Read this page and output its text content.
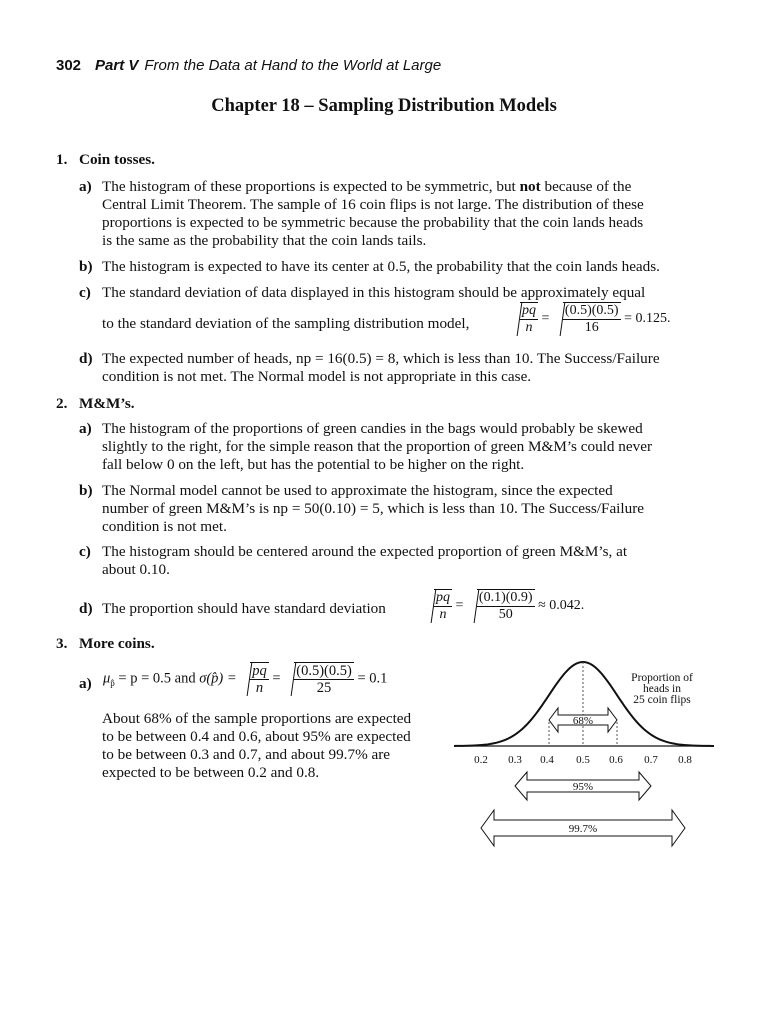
302 Part V From the Data at Hand to the World at Large
Chapter 18 – Sampling Distribution Models
1. Coin tosses.
a) The histogram of these proportions is expected to be symmetric, but not because of the
Central Limit Theorem. The sample of 16 coin flips is not large. The distribution of these
proportions is expected to be symmetric because the probability that the coin lands heads
is the same as the probability that the coin lands tails.
b) The histogram is expected to have its center at 0.5, the probability that the coin lands heads.
c) The standard deviation of data displayed in this histogram should be approximately equal
to the standard deviation of the sampling distribution model,	$\frac{pq}{n} = \frac{(0.5)(0.5)}{16} = 0.125$.
d) The expected number of heads, np = 16(0.5) = 8, which is less than 10. The Success/Failure
condition is not met. The Normal model is not appropriate in this case.
2. M&M’s.
a) The histogram of the proportions of green candies in the bags would probably be skewed
slightly to the right, for the simple reason that the proportion of green M&M’s could never
fall below 0 on the left, but has the potential to be higher on the right.
b) The Normal model cannot be used to approximate the histogram, since the expected
number of green M&M’s is np = 50(0.10) = 5, which is less than 10. The Success/Failure
condition is not met.
c) The histogram should be centered around the expected proportion of green M&M’s, at
about 0.10.
d) The proportion should have standard deviation	$\frac{pq}{n} = \frac{(0.1)(0.9)}{50} \approx 0.042$.
3. More coins.
a) $\mu_{p̂} = p = 0.5$ and σ(p̂) = $\frac{pq}{n} = \frac{(0.5)(0.5)}{25} = 0.1$
About 68% of the sample proportions are expected
to be between 0.4 and 0.6, about 95% are expected
to be between 0.3 and 0.7, and about 99.7% are
expected to be between 0.2 and 0.8.
0.2 0.3 0.4 0.5 0.6 0.7 0.8
Proportion of
heads in
25 coin flips
68%
95%
99.7%
